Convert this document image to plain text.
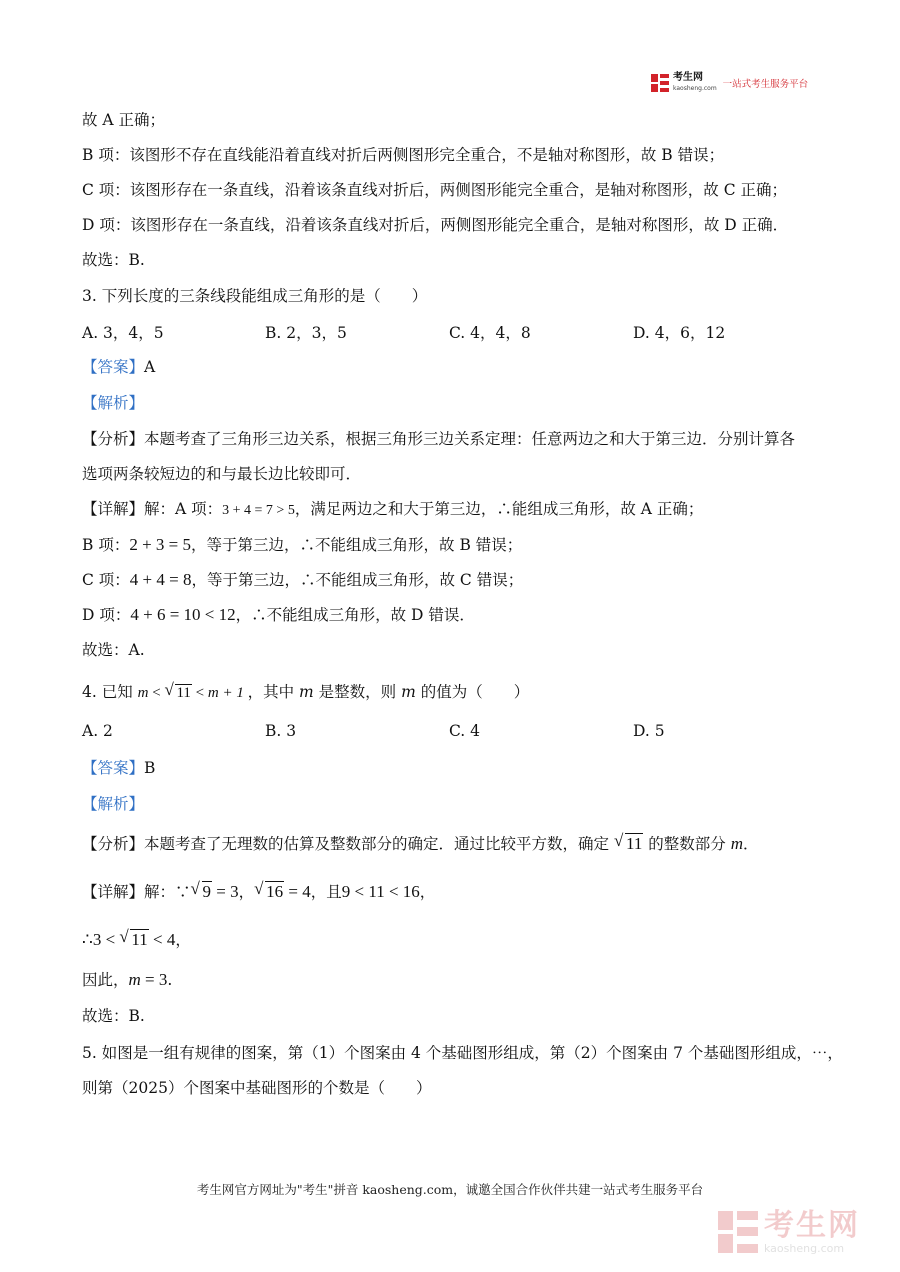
考生网
kaosheng.com 一站式考生服务平台
故 A 正确；
B 项：该图形不存在直线能沿着直线对折后两侧图形完全重合，不是轴对称图形，故 B 错误；
C 项：该图形存在一条直线，沿着该条直线对折后，两侧图形能完全重合，是轴对称图形，故 C 正确；
D 项：该图形存在一条直线，沿着该条直线对折后，两侧图形能完全重合，是轴对称图形，故 D 正确．
故选：B.
3. 下列长度的三条线段能组成三角形的是（　　）
A. 3，4，5	B. 2，3，5	C. 4，4，8	D. 4，6，12
【答案】A
【解析】
【分析】本题考查了三角形三边关系，根据三角形三边关系定理：任意两边之和大于第三边．分别计算各
选项两条较短边的和与最长边比较即可．
【详解】解：A 项：3 + 4 = 7 > 5，满足两边之和大于第三边，∴能组成三角形，故 A 正确；
B 项：2 + 3 = 5，等于第三边，∴不能组成三角形，故 B 错误；
C 项：4 + 4 = 8，等于第三边，∴不能组成三角形，故 C 错误；
D 项：4 + 6 = 10 < 12，∴不能组成三角形，故 D 错误．
故选：A.
4. 已知 m < √ 11 < m + 1 ，其中 m 是整数，则 m 的值为（　　）
A. 2	B. 3	C. 4	D. 5
【答案】B
【解析】
【分析】本题考查了无理数的估算及整数部分的确定．通过比较平方数，确定 √ 11 的整数部分 m．
【详解】解：∵ √ 9 = 3， √ 16 = 4，且9 < 11 < 16，
∴3 < √ 11 < 4，
因此，m = 3.
故选：B.
5. 如图是一组有规律的图案，第（1）个图案由 4 个基础图形组成，第（2）个图案由 7 个基础图形组成，⋯，
则第（2025）个图案中基础图形的个数是（　　）
考生网官方网址为"考生"拼音 kaosheng.com，诚邀全国合作伙伴共建一站式考生服务平台
考生网
kaosheng.com
